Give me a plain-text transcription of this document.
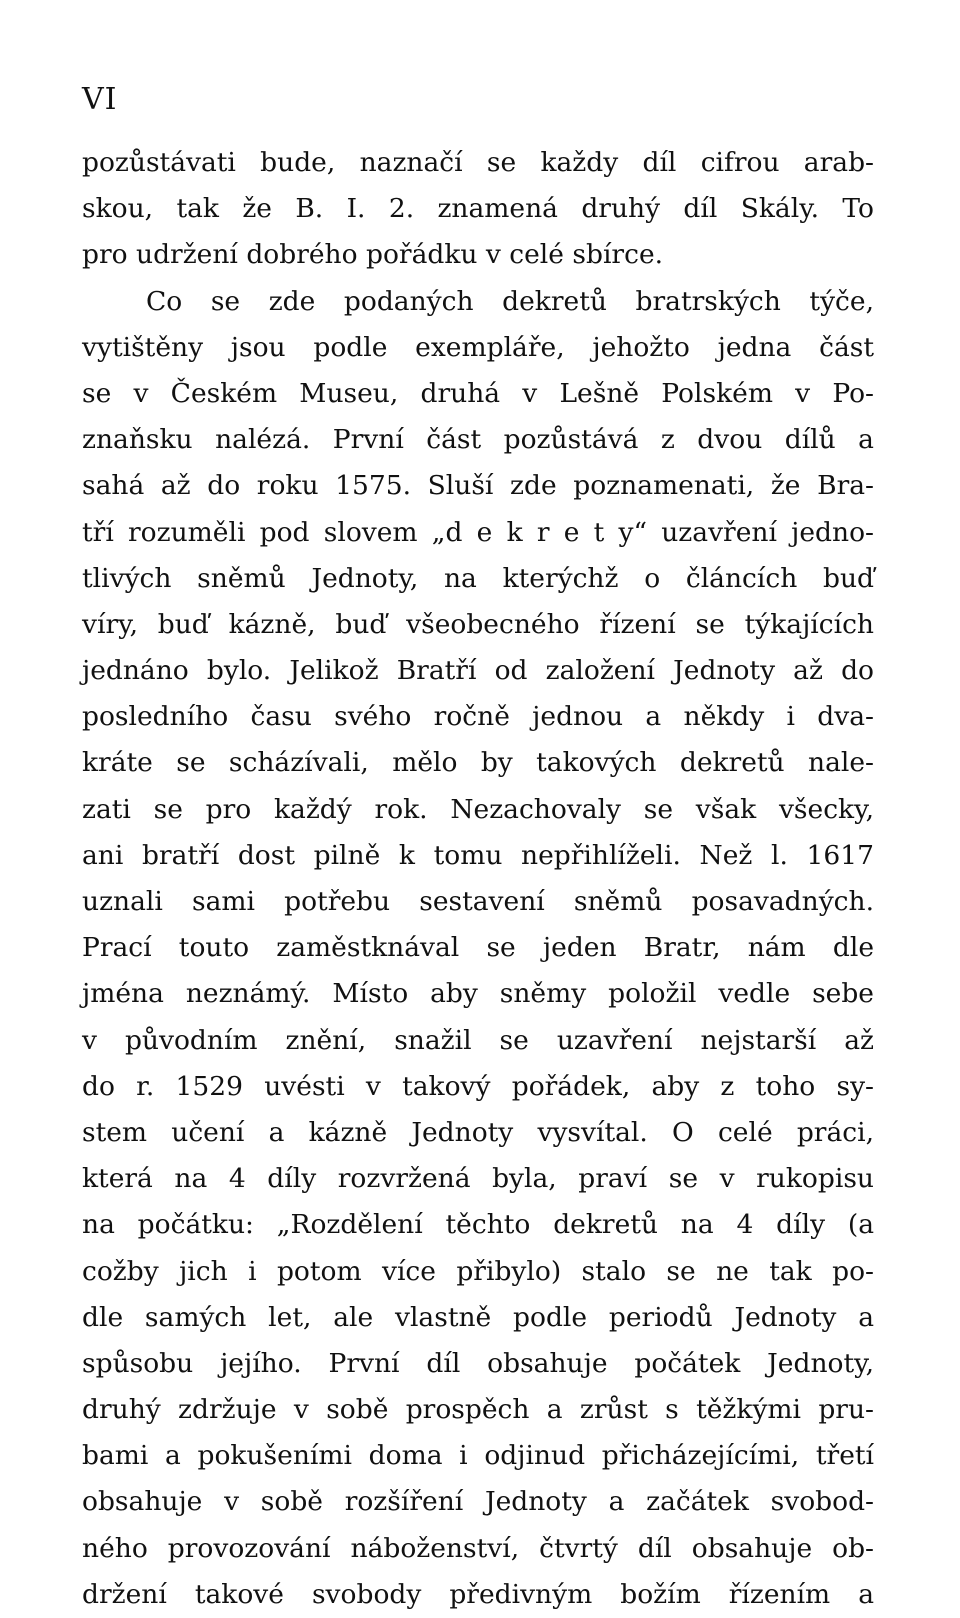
VI
pozůstávati bude, naznačí se každy díl cifrou arab-
skou, tak že B. I. 2. znamená druhý díl Skály. To
pro udržení dobrého pořádku v celé sbírce.
Co se zde podaných dekretů bratrských týče,
vytištěny jsou podle exempláře, jehožto jedna část
se v Českém Museu, druhá v Lešně Polském v Po-
znaňsku nalézá. První část pozůstává z dvou dílů a
sahá až do roku 1575. Sluší zde poznamenati, že Bra-
tří rozuměli pod slovem „d e k r e t y“ uzavření jedno-
tlivých sněmů Jednoty, na kterýchž o článcích buď
víry, buď kázně, buď všeobecného řízení se týkajících
jednáno bylo. Jelikož Bratří od založení Jednoty až do
posledního času svého ročně jednou a někdy i dva-
kráte se scházívali, mělo by takových dekretů nale-
zati se pro každý rok. Nezachovaly se však všecky,
ani bratří dost pilně k tomu nepřihlíželi. Než l. 1617
uznali sami potřebu sestavení sněmů posavadných.
Prací touto zaměstknával se jeden Bratr, nám dle
jména neznámý. Místo aby sněmy položil vedle sebe
v původním znění, snažil se uzavření nejstarší až
do r. 1529 uvésti v takový pořádek, aby z toho sy-
stem učení a kázně Jednoty vysvítal. O celé práci,
která na 4 díly rozvržená byla, praví se v rukopisu
na počátku: „Rozdělení těchto dekretů na 4 díly (a
cožby jich i potom více přibylo) stalo se ne tak po-
dle samých let, ale vlastně podle periodů Jednoty a
spůsobu jejího. První díl obsahuje počátek Jednoty,
druhý zdržuje v sobě prospěch a zrůst s těžkými pru-
bami a pokušeními doma i odjinud přicházejícími, třetí
obsahuje v sobě rozšíření Jednoty a začátek svobod-
ného provozování náboženství, čtvrtý díl obsahuje ob-
držení takové svobody předivným božím řízením a
